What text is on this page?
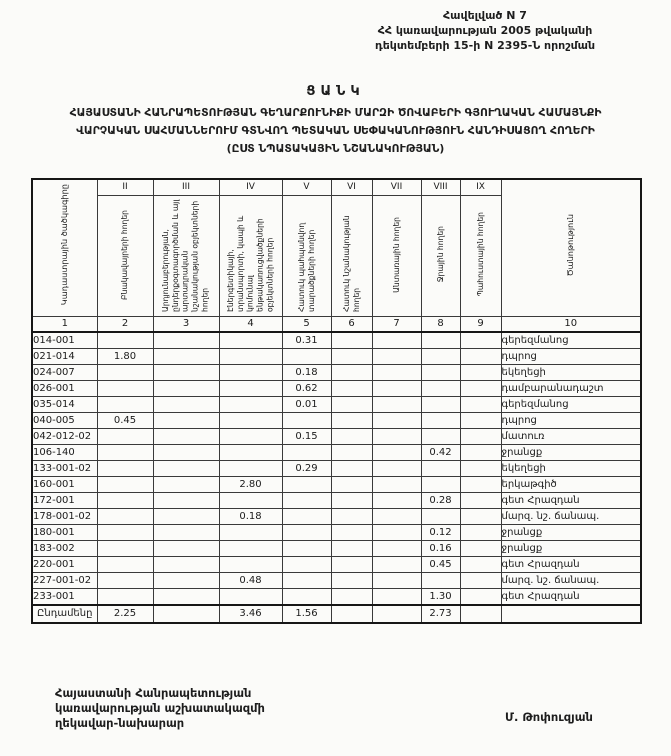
Հավելված N 7
ՀՀ կառավարության 2005 թվականի
դեկտեմբերի 15-ի N 2395-Ն որոշման
ՑԱՆԿ
ՀԱՅԱՍՏԱՆԻ ՀԱՆՐԱՊԵՏՈՒԹՅԱՆ ԳԵՂԱՐՔՈՒՆԻՔԻ ՄԱՐԶԻ ԾՈՎԱԲԵՐԻ ԳՅՈՒՂԱԿԱՆ ՀԱՄԱՅՆՔԻ
ՎԱՐՉԱԿԱՆ ՍԱՀՄԱՆՆԵՐՈՒՄ ԳՏՆՎՈՂ ՊԵՏԱԿԱՆ ՍԵՓԱԿԱՆՈՒԹՅՈՒՆ ՀԱՆԴԻՍԱՑՈՂ ՀՈՂԵՐԻ
(ԸՍՏ ՆՊԱՏԱԿԱՅԻՆ ՆՇԱՆԱԿՈՒԹՅԱՆ)
Կադաստրային ծածկագիրը	II	III	IV	V	VI	VII	VIII	IX	Ծանոթություն
	Բնակավայրերի հողեր	Արդյունաբերության, ընդերքօգտագործման և այլ արտադրական նշանակության օբյեկտների հողեր	Էներգետիկայի, տրանսպորտի, կապի և կոմունալ ենթակառուցվածքների օբյեկտների հողեր	Հատուկ պահպանվող տարածքների հողեր	Հատուկ նշանակության հողեր	Անտառային հողեր	Ջրային հողեր	Պահուստային հողեր	
1	2	3	4	5	6	7	8	9	10
014-001				0.31					գերեզմանոց
021-014	1.80								դպրոց
024-007				0.18					եկեղեցի
026-001				0.62					դամբարանադաշտ
035-014				0.01					գերեզմանոց
040-005	0.45								դպրոց
042-012-02				0.15					մատուռ
106-140							0.42		ջրանցք
133-001-02				0.29					եկեղեցի
160-001			2.80						երկաթգիծ
172-001							0.28		գետ Հրազդան
178-001-02			0.18						մարզ. նշ. ճանապ.
180-001							0.12		ջրանցք
183-002							0.16		ջրանցք
220-001							0.45		գետ Հրազդան
227-001-02			0.48						մարզ. նշ. ճանապ.
233-001							1.30		գետ Հրազդան
Ընդամենը	2.25		3.46	1.56			2.73		
Հայաստանի Հանրապետության
կառավարության աշխատակազմի
ղեկավար-նախարար	Մ. Թոփուզյան
